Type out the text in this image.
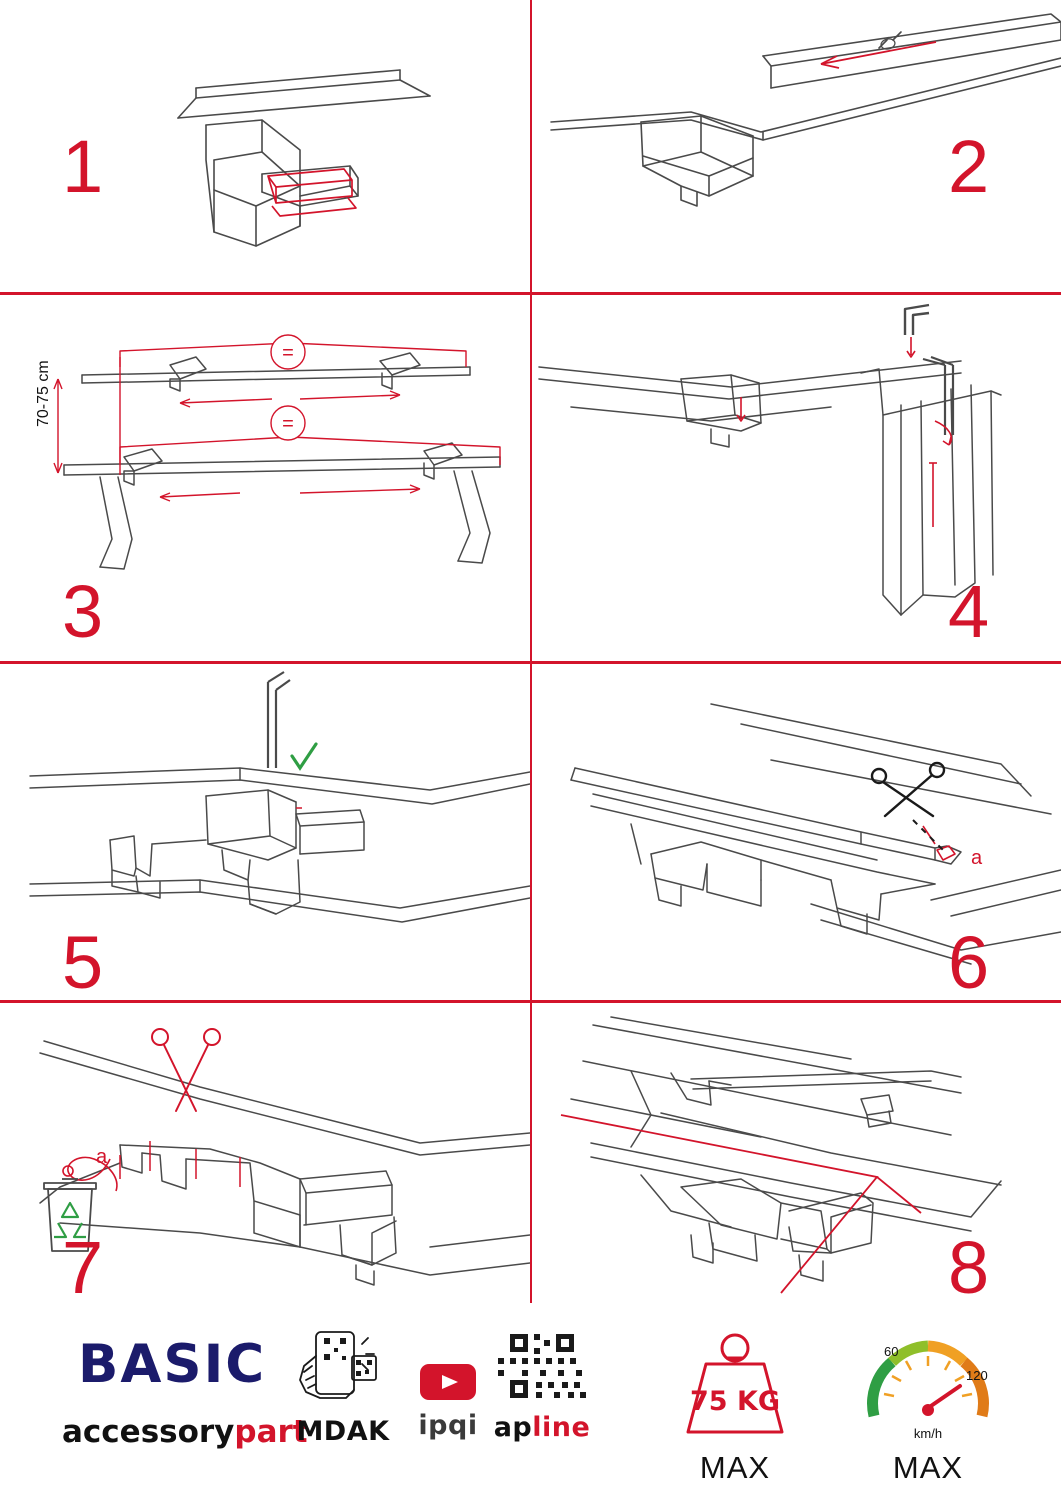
1	2
=
=
70-75 cm
3	4
5
a
6
a
7	8
BASIC
accessorypart
MDAK	ipqi apline
75 KG
MAX
60
120
km/h
MAX
